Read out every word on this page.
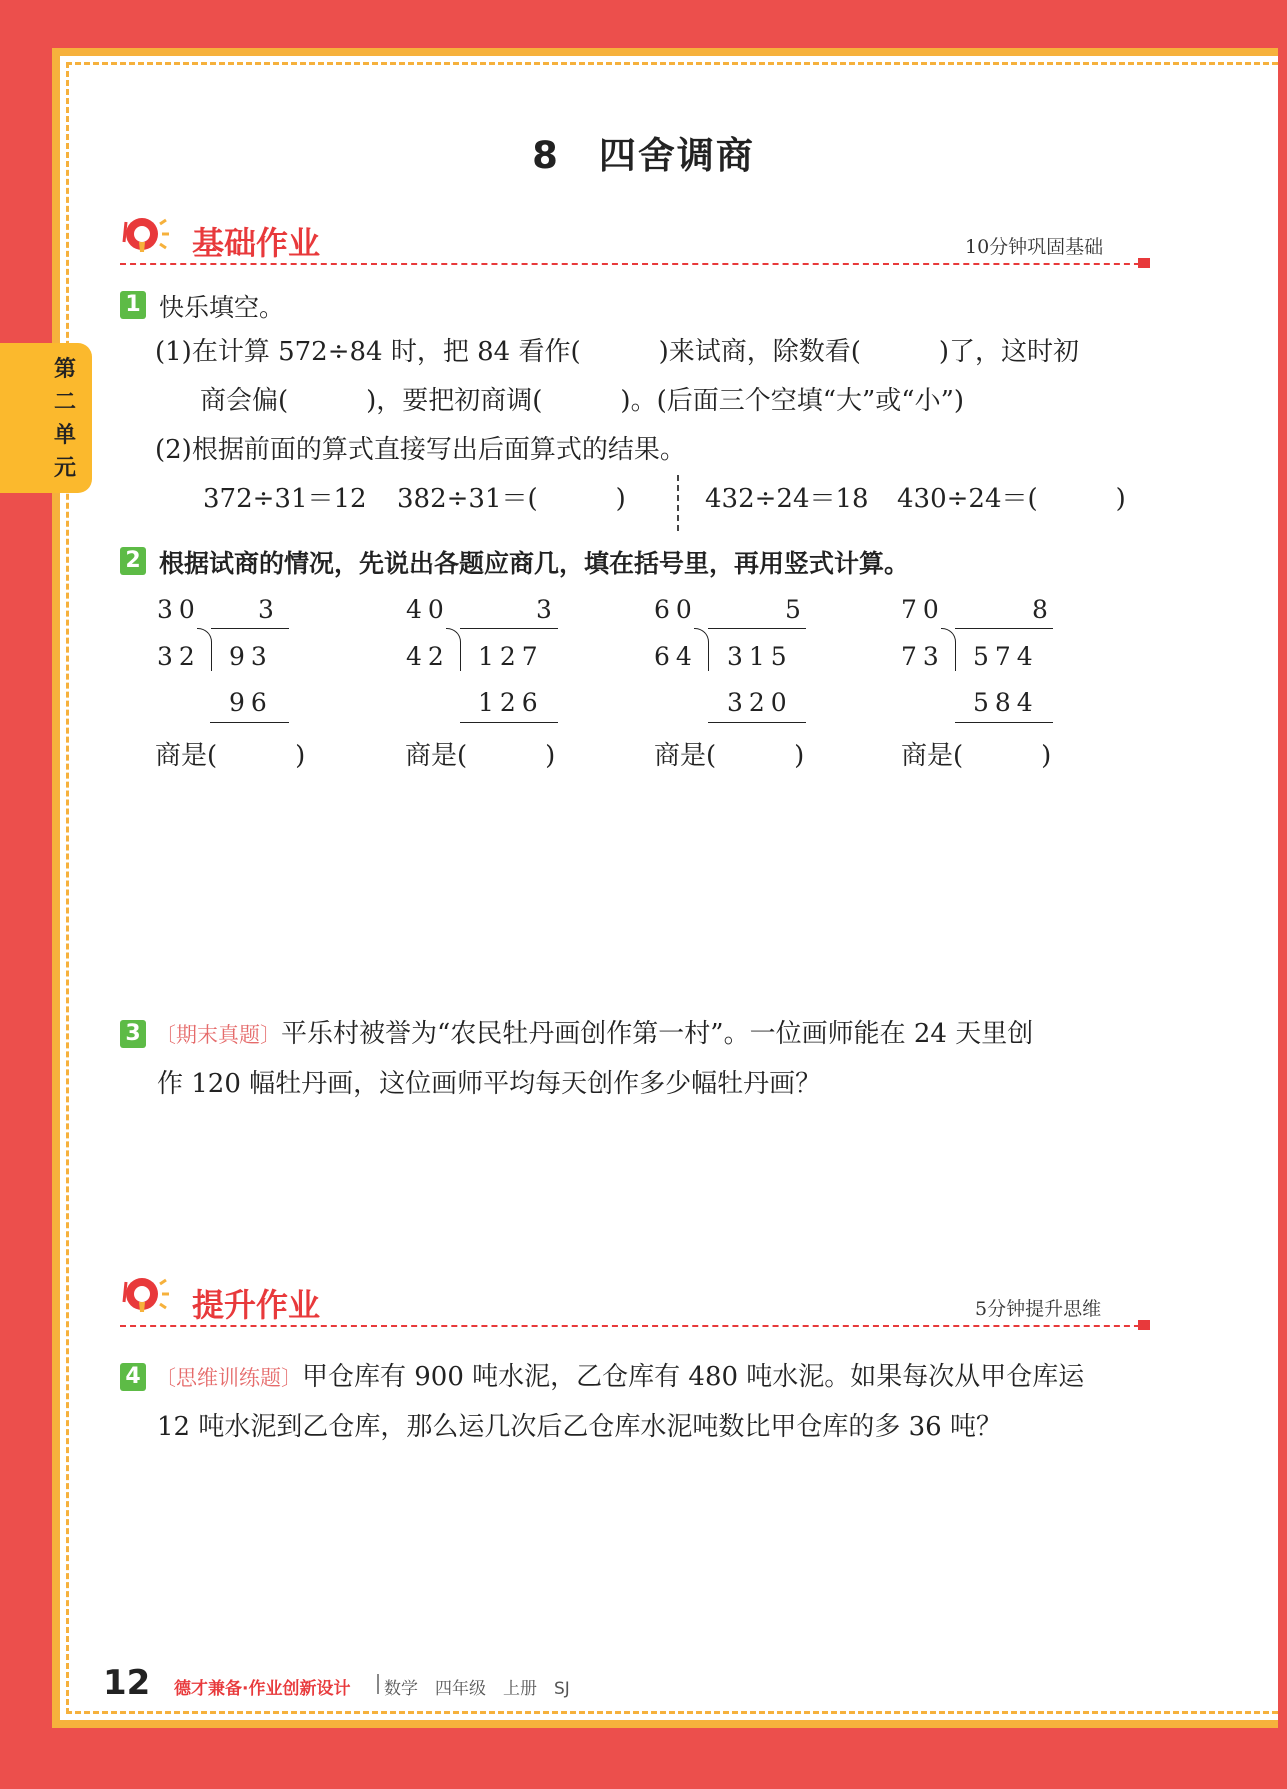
第二单元
8　四舍调商
基础作业	10分钟巩固基础
1 快乐填空。
(1)在计算 572÷84 时，把 84 看作(　　　)来试商，除数看(　　　)了，这时初
商会偏(　　　)，要把初商调(　　　)。(后面三个空填“大”或“小”)
(2)根据前面的算式直接写出后面算式的结果。
372÷31＝12 382÷31＝(　　　)	432÷24＝18 430÷24＝(　　　)
2 根据试商的情况，先说出各题应商几，填在括号里，再用竖式计算。
30 3
32 93
96
商是(　　　)
40	3
42 127
126
商是(　　　)
60	5
64 315
320
商是(　　　)
70	8
73 574
584
商是(　　　)
3 〔期末真题〕平乐村被誉为“农民牡丹画创作第一村”。一位画师能在 24 天里创
作 120 幅牡丹画，这位画师平均每天创作多少幅牡丹画？
提升作业	5分钟提升思维
4 〔思维训练题〕甲仓库有 900 吨水泥，乙仓库有 480 吨水泥。如果每次从甲仓库运
12 吨水泥到乙仓库，那么运几次后乙仓库水泥吨数比甲仓库的多 36 吨？
12 德才兼备·作业创新设计 数学　四年级　上册　SJ
